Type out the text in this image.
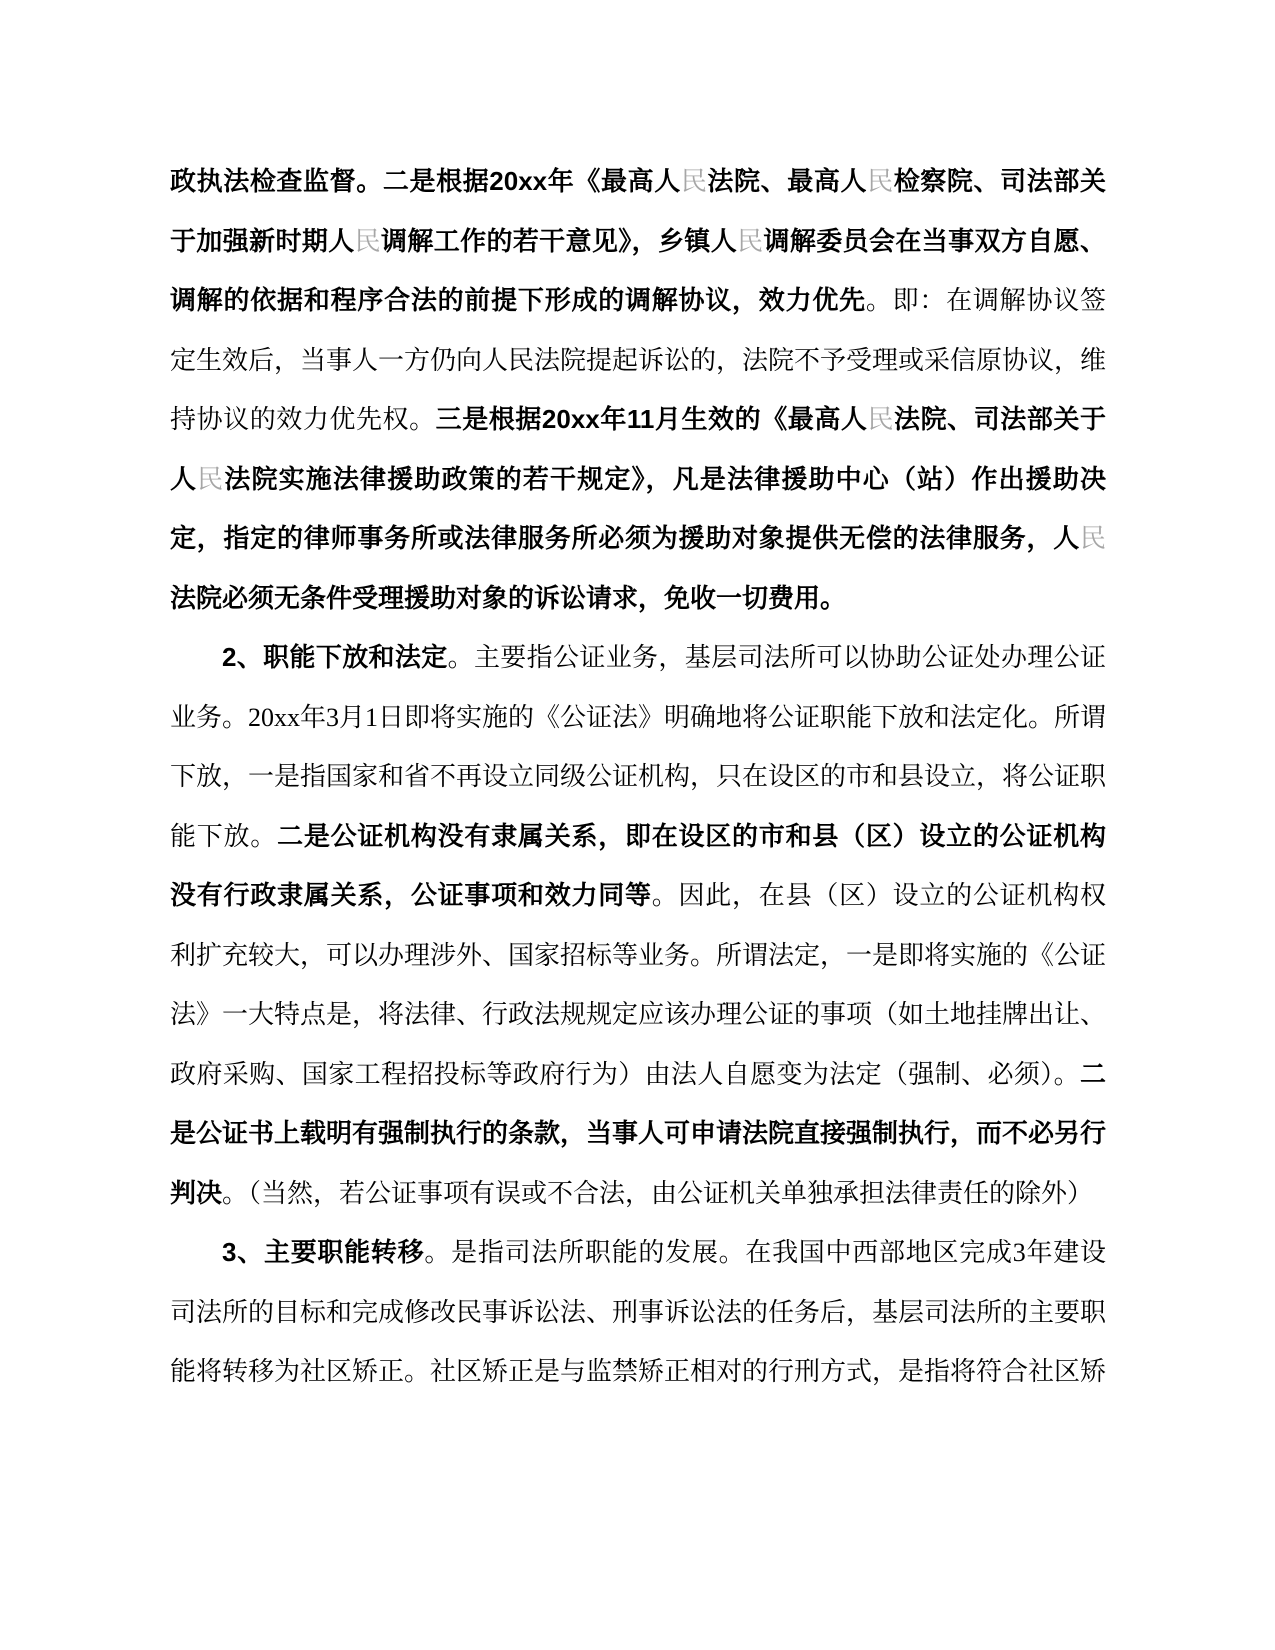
政执法检查监督。二是根据20xx年《最高人民法院、最高人民检察院、司法部关于加强新时期人民调解工作的若干意见》，乡镇人民调解委员会在当事双方自愿、调解的依据和程序合法的前提下形成的调解协议，效力优先。即：在调解协议签定生效后，当事人一方仍向人民法院提起诉讼的，法院不予受理或采信原协议，维持协议的效力优先权。三是根据20xx年11月生效的《最高人民法院、司法部关于人民法院实施法律援助政策的若干规定》，凡是法律援助中心（站）作出援助决定，指定的律师事务所或法律服务所必须为援助对象提供无偿的法律服务，人民法院必须无条件受理援助对象的诉讼请求，免收一切费用。

2、职能下放和法定。主要指公证业务，基层司法所可以协助公证处办理公证业务。20xx年3月1日即将实施的《公证法》明确地将公证职能下放和法定化。所谓下放，一是指国家和省不再设立同级公证机构，只在设区的市和县设立，将公证职能下放。二是公证机构没有隶属关系，即在设区的市和县（区）设立的公证机构没有行政隶属关系，公证事项和效力同等。因此，在县（区）设立的公证机构权利扩充较大，可以办理涉外、国家招标等业务。所谓法定，一是即将实施的《公证法》一大特点是，将法律、行政法规规定应该办理公证的事项（如土地挂牌出让、政府采购、国家工程招投标等政府行为）由法人自愿变为法定（强制、必须）。二是公证书上载明有强制执行的条款，当事人可申请法院直接强制执行，而不必另行判决。（当然，若公证事项有误或不合法，由公证机关单独承担法律责任的除外）

3、主要职能转移。是指司法所职能的发展。在我国中西部地区完成3年建设司法所的目标和完成修改民事诉讼法、刑事诉讼法的任务后，基层司法所的主要职能将转移为社区矫正。社区矫正是与监禁矫正相对的行刑方式，是指将符合社区矫
